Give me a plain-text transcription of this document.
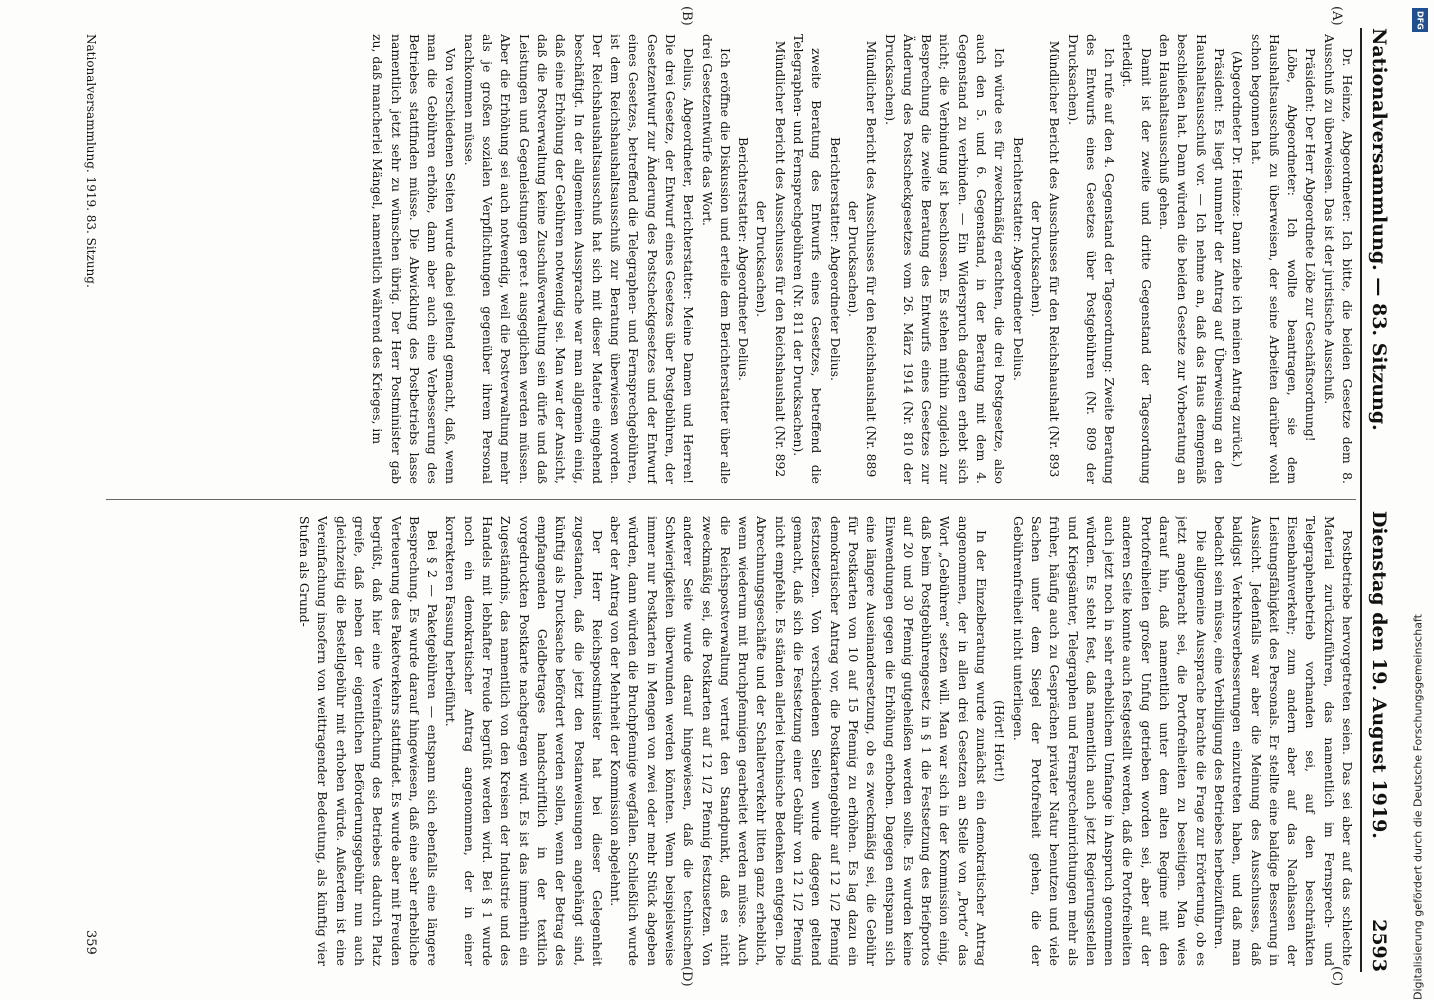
Nationalversammlung. — 83. Sitzung.
Dienstag den 19. August 1919.
2593
(A)
(B)
(C)
(D)

Dr. Heinze, Abgeordneter: Ich bitte, die beiden Gesetze dem 8. Ausschuß zu überweisen. Das ist der juristische Ausschuß.

Präsident: Der Herr Abgeordnete Löbe zur Geschäftsordnung!

Löbe, Abgeordneter: Ich wollte beantragen, sie dem Haushaltsausschuß zu überweisen, der seine Arbeiten darüber wohl schon begonnen hat.

(Abgeordneter Dr. Heinze: Dann ziehe ich meinen Antrag zurück.)

Präsident: Es liegt nunmehr der Antrag auf Überweisung an den Haushaltsausschuß vor. — Ich nehme an, daß das Haus demgemäß beschließen hat. Dann würden die beiden Gesetze zur Vorberatung an den Haushaltsausschuß gehen.

Damit ist der zweite und dritte Gegenstand der Tagesordnung erledigt.

Ich rufe auf den 4. Gegenstand der Tagesordnung: Zweite Beratung des Entwurfs eines Gesetzes über Postgebühren (Nr. 809 der Drucksachen).

Mündlicher Bericht des Ausschusses für den Reichshaushalt (Nr. 893 der Drucksachen).

Berichterstatter: Abgeordneter Delius.

Ich würde es für zweckmäßig erachten, die drei Postgesetze, also auch den 5. und 6. Gegenstand, in der Beratung mit dem 4. Gegenstand zu verbinden. — Ein Widerspruch dagegen erhebt sich nicht; die Verbindung ist beschlossen. Es stehen mithin zugleich zur Besprechung die zweite Beratung des Entwurfs eines Gesetzes zur Änderung des Postscheckgesetzes vom 26. März 1914 (Nr. 810 der Drucksachen).

Mündlicher Bericht des Ausschusses für den Reichshaushalt (Nr. 889 der Drucksachen).

Berichterstatter: Abgeordneter Delius.

zweite Beratung des Entwurfs eines Gesetzes, betreffend die Telegraphen- und Fernsprechgebühren (Nr. 811 der Drucksachen).

Mündlicher Bericht des Ausschusses für den Reichshaushalt (Nr. 892 der Drucksachen).

Berichterstatter: Abgeordneter Delius.

Ich eröffne die Diskussion und erteile dem Berichterstatter über alle drei Gesetzentwürfe das Wort.

Delius, Abgeordneter, Berichterstatter: Meine Damen und Herren! Die drei Gesetze, der Entwurf eines Gesetzes über Postgebühren, der Gesetzentwurf zur Änderung des Postscheckgesetzes und der Entwurf eines Gesetzes, betreffend die Telegraphen- und Fernsprechgebühren, ist dem Reichshaushaltsausschuß zur Beratung überwiesen worden. Der Reichshaushaltsausschuß hat sich mit dieser Materie eingehend beschäftigt. In der allgemeinen Aussprache war man allgemein einig, daß eine Erhöhung der Gebühren notwendig sei. Man war der Ansicht, daß die Postverwaltung keine Zuschußverwaltung sein dürfe und daß Leistungen und Gegenleistungen gere.t ausgeglichen werden müssen. Aber die Erhöhung sei auch notwendig, weil die Postverwaltung mehr als je großen sozialen Verpflichtungen gegenüber ihrem Personal nachkommen müsse.

Von verschiedenen Seiten wurde dabei geltend gemacht, daß, wenn man die Gebühren erhöhe, dann aber auch eine Verbesserung des Betriebes stattfinden müsse. Die Abwicklung des Postbetriebs lasse namentlich jetzt sehr zu wünschen übrig. Der Herr Postminister gab zu, daß mancherlei Mängel, namentlich während des Krieges, im

Postbetriebe hervorgetreten seien. Das sei aber auf das schlechte Material zurückzuführen, das namentlich im Fernsprech- und Telegraphenbetrieb vorhanden sei, auf den beschränkten Eisenbahnverkehr; zum andern aber auf das Nachlassen der Leistungsfähigkeit des Personals. Er stellte eine baldige Besserung in Aussicht. Jedenfalls war aber die Meinung des Ausschusses, daß baldigst Verkehrsverbesserungen einzutreten haben, und daß man bedacht sein müsse, eine Verbilligung des Betriebes herbeizuführen.

Die allgemeine Aussprache brachte die Frage zur Erörterung, ob es jetzt angebracht sei, die Portofreiheiten zu beseitigen. Man wies darauf hin, daß namentlich unter dem alten Regime mit den Portofreiheiten großer Unfug getrieben worden sei, aber auf der anderen Seite konnte auch festgestellt werden, daß die Portofreiheiten auch jetzt noch in sehr erheblichem Umfange in Anspruch genommen würden. Es steht fest, daß namentlich auch jetzt Regierungsstellen und Kriegsämter, Telegraphen und Fernsprecheinrichtungen mehr als früher, häufig auch zu Gesprächen privater Natur benutzen und viele Sachen unter dem Siegel der Portofreiheit gehen, die der Gebührenfreiheit nicht unterliegen.

(Hört! Hört!)

In der Einzelberatung wurde zunächst ein demokratischer Antrag angenommen, der in allen drei Gesetzen an Stelle von „Porto“ das Wort „Gebühren“ setzen will. Man war sich in der Kommission einig, daß beim Postgebührengesetz in § 1 die Festsetzung des Briefportos auf 20 und 30 Pfennig gutgeheißen werden sollte. Es wurden keine Einwendungen gegen die Erhöhung erhoben. Dagegen entspann sich eine längere Auseinandersetzung, ob es zweckmäßig sei, die Gebühr für Postkarten von 10 auf 15 Pfennig zu erhöhen. Es lag dazu ein demokratischer Antrag vor, die Postkartengebühr auf 12 1/2 Pfennig festzusetzen. Von verschiedenen Seiten wurde dagegen geltend gemacht, daß sich die Festsetzung einer Gebühr von 12 1/2 Pfennig nicht empfehle. Es ständen allerlei technische Bedenken entgegen. Die Abrechnungsgeschäfte und der Schalterverkehr litten ganz erheblich, wenn wiederum mit Bruchpfennigen gearbeitet werden müsse. Auch die Reichspostverwaltung vertrat den Standpunkt, daß es nicht zweckmäßig sei, die Postkarten auf 12 1/2 Pfennig festzusetzen. Von anderer Seite wurde darauf hingewiesen, daß die technischen Schwierigkeiten überwunden werden könnten. Wenn beispielsweise immer nur Postkarten in Mengen von zwei oder mehr Stück abgeben würden, dann würden die Bruchpfennige wegfallen. Schließlich wurde aber der Antrag von der Mehrheit der Kommission abgelehnt.

Der Herr Reichspostminister hat bei dieser Gelegenheit zugestanden, daß die jetzt den Postanweisungen angehängt sind, künftig als Drucksache befördert werden sollen, wenn der Betrag des empfangenden Geldbetrages handschriftlich in der textlich vorgedruckten Postkarte nachgetragen wird. Es ist das immerhin ein Zugeständnis, das namentlich von den Kreisen der Industrie und des Handels mit lebhafter Freude begrüßt werden wird. Bei § 1 wurde noch ein demokratischer Antrag angenommen, der in einer korrekteren Fassung herbeiführt.

Bei § 2 — Paketgebühren — entspann sich ebenfalls eine längere Besprechung. Es wurde darauf hingewiesen, daß eine sehr erhebliche Verteuerung des Paketverkehrs stattfindet. Es wurde aber mit Freuden begrüßt, daß hier eine Vereinfachung des Betriebes dadurch Platz greife, daß neben der eigentlichen Beförderungsgebühr nun auch gleichzeitig die Bestellgebühr mit erhoben würde. Außerdem ist eine Vereinfachung insofern von weittragender Bedeutung, als künftig vier Stufen als Grund-

Nationalversammlung. 1919. 83. Sitzung.
359
DFG
Digitalisierung gefördert durch die Deutsche Forschungsgemeinschaft
